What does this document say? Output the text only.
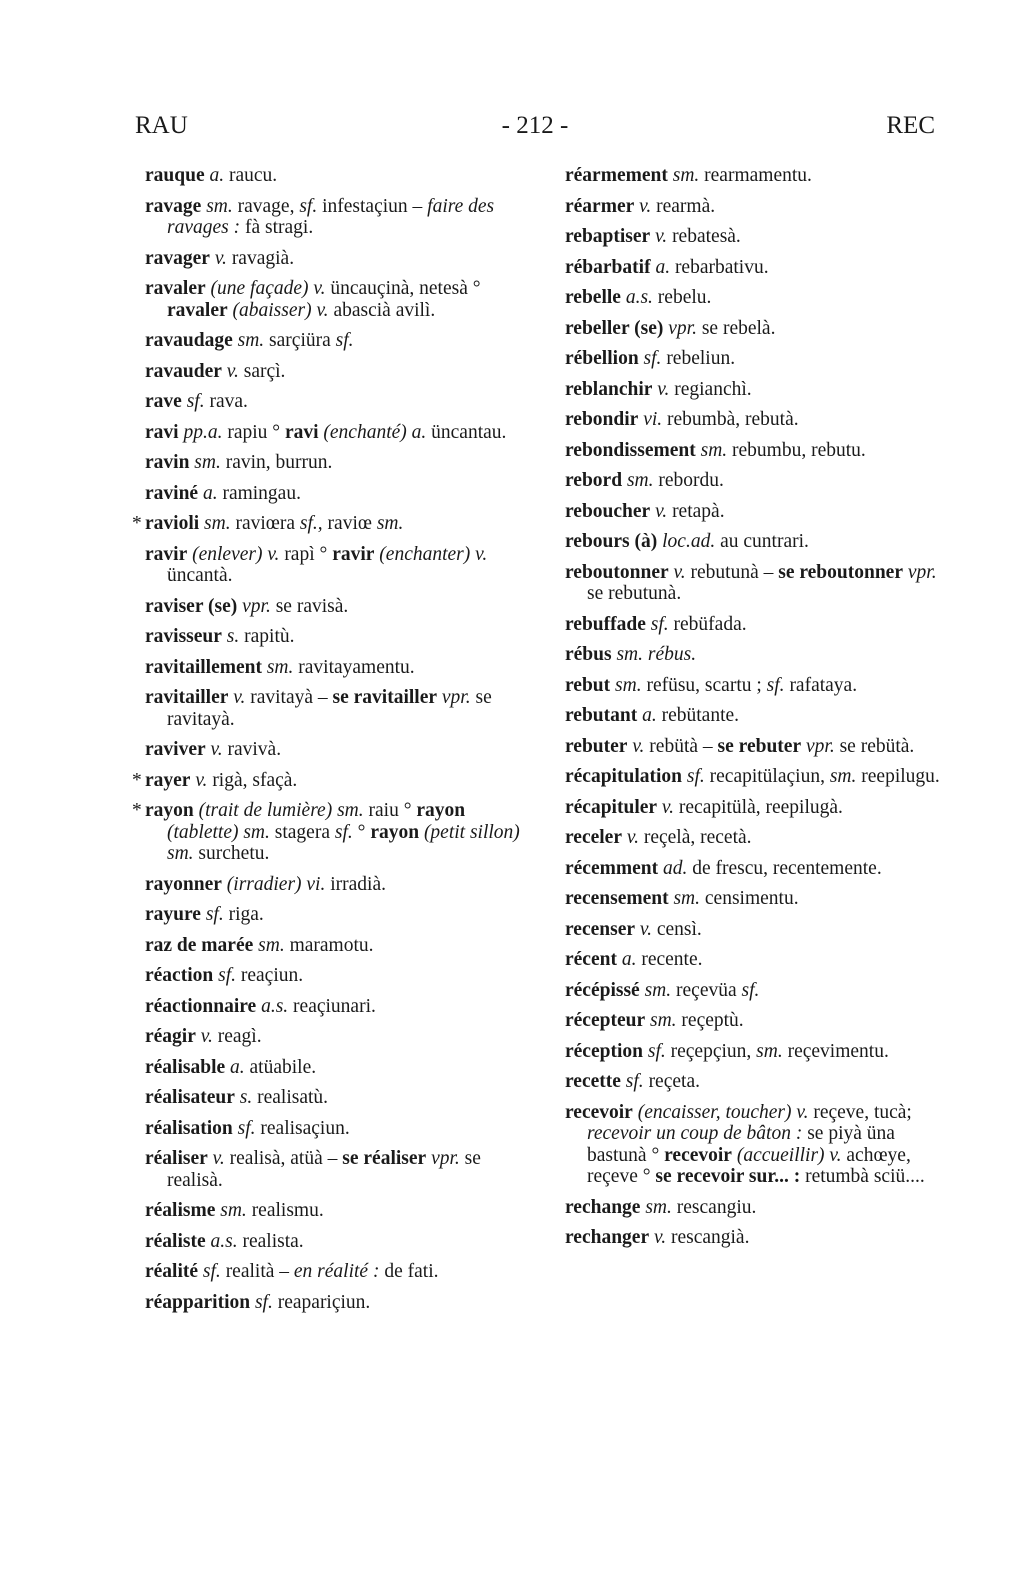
RAU	- 212 -	REC
rauque a. raucu.
ravage sm. ravage, sf. infestaçiun – faire des ravages : fà stragi.
ravager v. ravagià.
ravaler (une façade) v. üncauçinà, netesà ° ravaler (abaisser) v. abascià avilì.
ravaudage sm. sarçiüra sf.
ravauder v. sarçì.
rave sf. rava.
ravi pp.a. rapiu ° ravi (enchanté) a. üncantau.
ravin sm. ravin, burrun.
raviné a. ramingau.
* ravioli sm. raviœra sf., raviœ sm.
ravir (enlever) v. rapì ° ravir (enchanter) v. üncantà.
raviser (se) vpr. se ravisà.
ravisseur s. rapitù.
ravitaillement sm. ravitayamentu.
ravitailler v. ravitayà – se ravitailler vpr. se ravitayà.
raviver v. ravivà.
* rayer v. rigà, sfaçà.
* rayon (trait de lumière) sm. raiu ° rayon (tablette) sm. stagera sf. ° rayon (petit sillon) sm. surchetu.
rayonner (irradier) vi. irradià.
rayure sf. riga.
raz de marée sm. maramotu.
réaction sf. reaçiun.
réactionnaire a.s. reaçiunari.
réagir v. reagì.
réalisable a. atüabile.
réalisateur s. realisatù.
réalisation sf. realisaçiun.
réaliser v. realisà, atüà – se réaliser vpr. se realisà.
réalisme sm. realismu.
réaliste a.s. realista.
réalité sf. realità – en réalité : de fati.
réapparition sf. reapariçiun.
réarmement sm. rearmamentu.
réarmer v. rearmà.
rebaptiser v. rebatesà.
rébarbatif a. rebarbativu.
rebelle a.s. rebelu.
rebeller (se) vpr. se rebelà.
rébellion sf. rebeliun.
reblanchir v. regianchì.
rebondir vi. rebumbà, rebutà.
rebondissement sm. rebumbu, rebutu.
rebord sm. rebordu.
reboucher v. retapà.
rebours (à) loc.ad. au cuntrari.
reboutonner v. rebutunà – se reboutonner vpr. se rebutunà.
rebuffade sf. rebüfada.
rébus sm. rébus.
rebut sm. refüsu, scartu ; sf. rafataya.
rebutant a. rebütante.
rebuter v. rebütà – se rebuter vpr. se rebütà.
récapitulation sf. recapitülaçiun, sm. reepilugu.
récapituler v. recapitülà, reepilugà.
receler v. reçelà, recetà.
récemment ad. de frescu, recentemente.
recensement sm. censimentu.
recenser v. censì.
récent a. recente.
récépissé sm. reçevüa sf.
récepteur sm. reçeptù.
réception sf. reçepçiun, sm. reçevimentu.
recette sf. reçeta.
recevoir (encaisser, toucher) v. reçeve, tucà; recevoir un coup de bâton : se piyà üna bastunà ° recevoir (accueillir) v. achœye, reçeve ° se recevoir sur... : retumbà sciü....
rechange sm. rescangiu.
rechanger v. rescangià.
